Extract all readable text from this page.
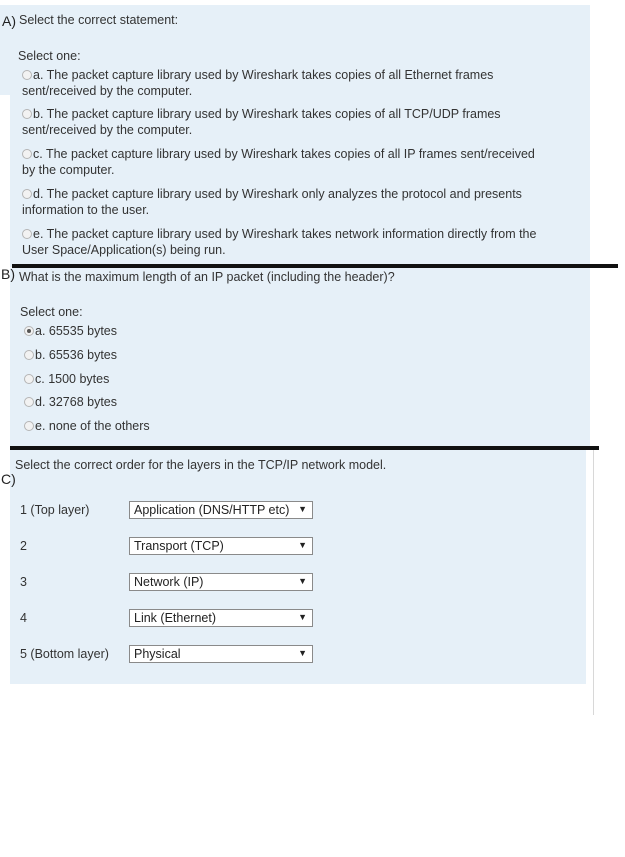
A) Select the correct statement:
Select one:
a. The packet capture library used by Wireshark takes copies of all Ethernet frames
sent/received by the computer.
b. The packet capture library used by Wireshark takes copies of all TCP/UDP frames
sent/received by the computer.
c. The packet capture library used by Wireshark takes copies of all IP frames sent/received
by the computer.
d. The packet capture library used by Wireshark only analyzes the protocol and presents
information to the user.
e. The packet capture library used by Wireshark takes network information directly from the
User Space/Application(s) being run.
B) What is the maximum length of an IP packet (including the header)?
Select one:
a. 65535 bytes
b. 65536 bytes
c. 1500 bytes
d. 32768 bytes
e. none of the others
Select the correct order for the layers in the TCP/IP network model.
C)
1 (Top layer)	Application (DNS/HTTP etc) ▼
2	Transport (TCP)	▼
3	Network (IP)	▼
4	Link (Ethernet)	▼
5 (Bottom layer) Physical	▼
